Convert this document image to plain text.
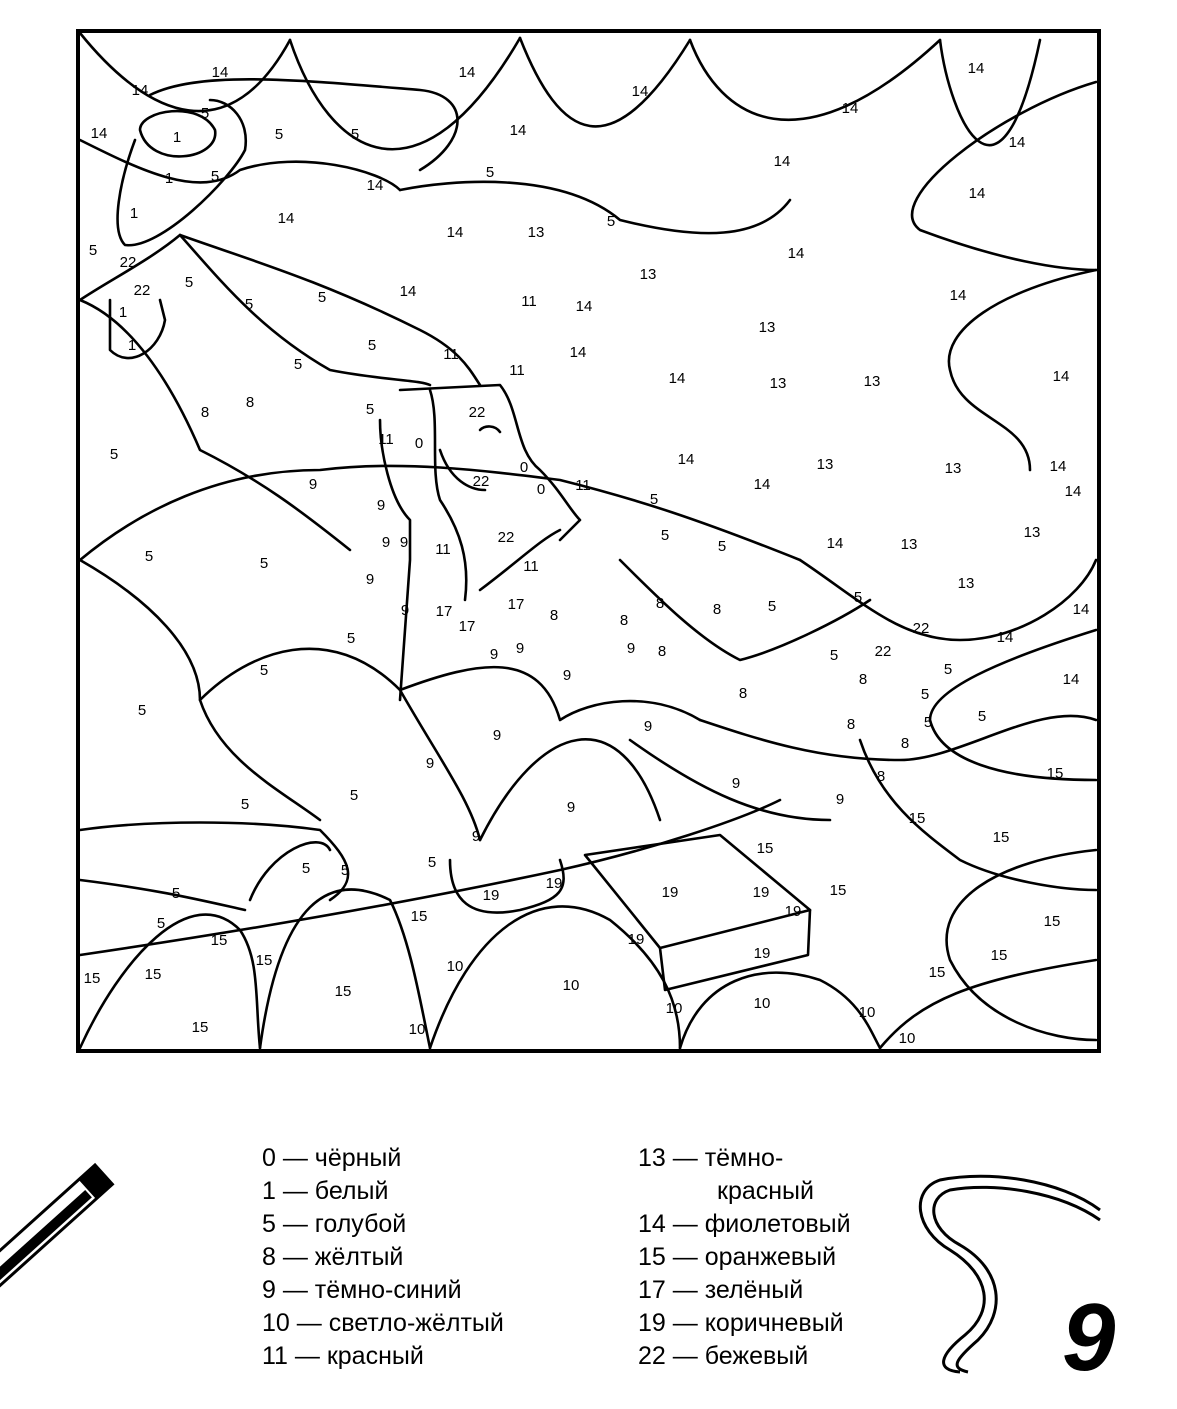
14
14	14
14
14
14
14
14
14
5
1	5	5	14
14
5
5
1	14
1	14	5
14	13
5
22
14
13
5
22	14	14
1	5	5	11	14
13
1	5
11	14
5	11	14
14	13	13
8
8	5	22
11 0
5	14	13	13	14
0
22
9	0 11	14	14
5
9
22	5	13
9 9 11	5	14	13
5	5	11
9	13
5
5
8
8
17
9 17	8	14
8
17	22
5
9 8
9
9	22
5
14
5	9	5
8	14
8	5
5	5
9
9
8	5
8
9
9	8	15
9
5
5	9
15
9	15
15
5
5 5
19	15
5	19
19
19
19
5	15	15
15	19
19
15	15
10	15
15
15	10
15
10
10	10
15	10
10
0 — чёрный
1 — белый
5 — голубой
8 — жёлтый
9 — тёмно-синий
10 — светло-жёлтый
11 — красный
13 — тёмно-
красный
14 — фиолетовый
15 — оранжевый
17 — зелёный
19 — коричневый
22 — бежевый	9
